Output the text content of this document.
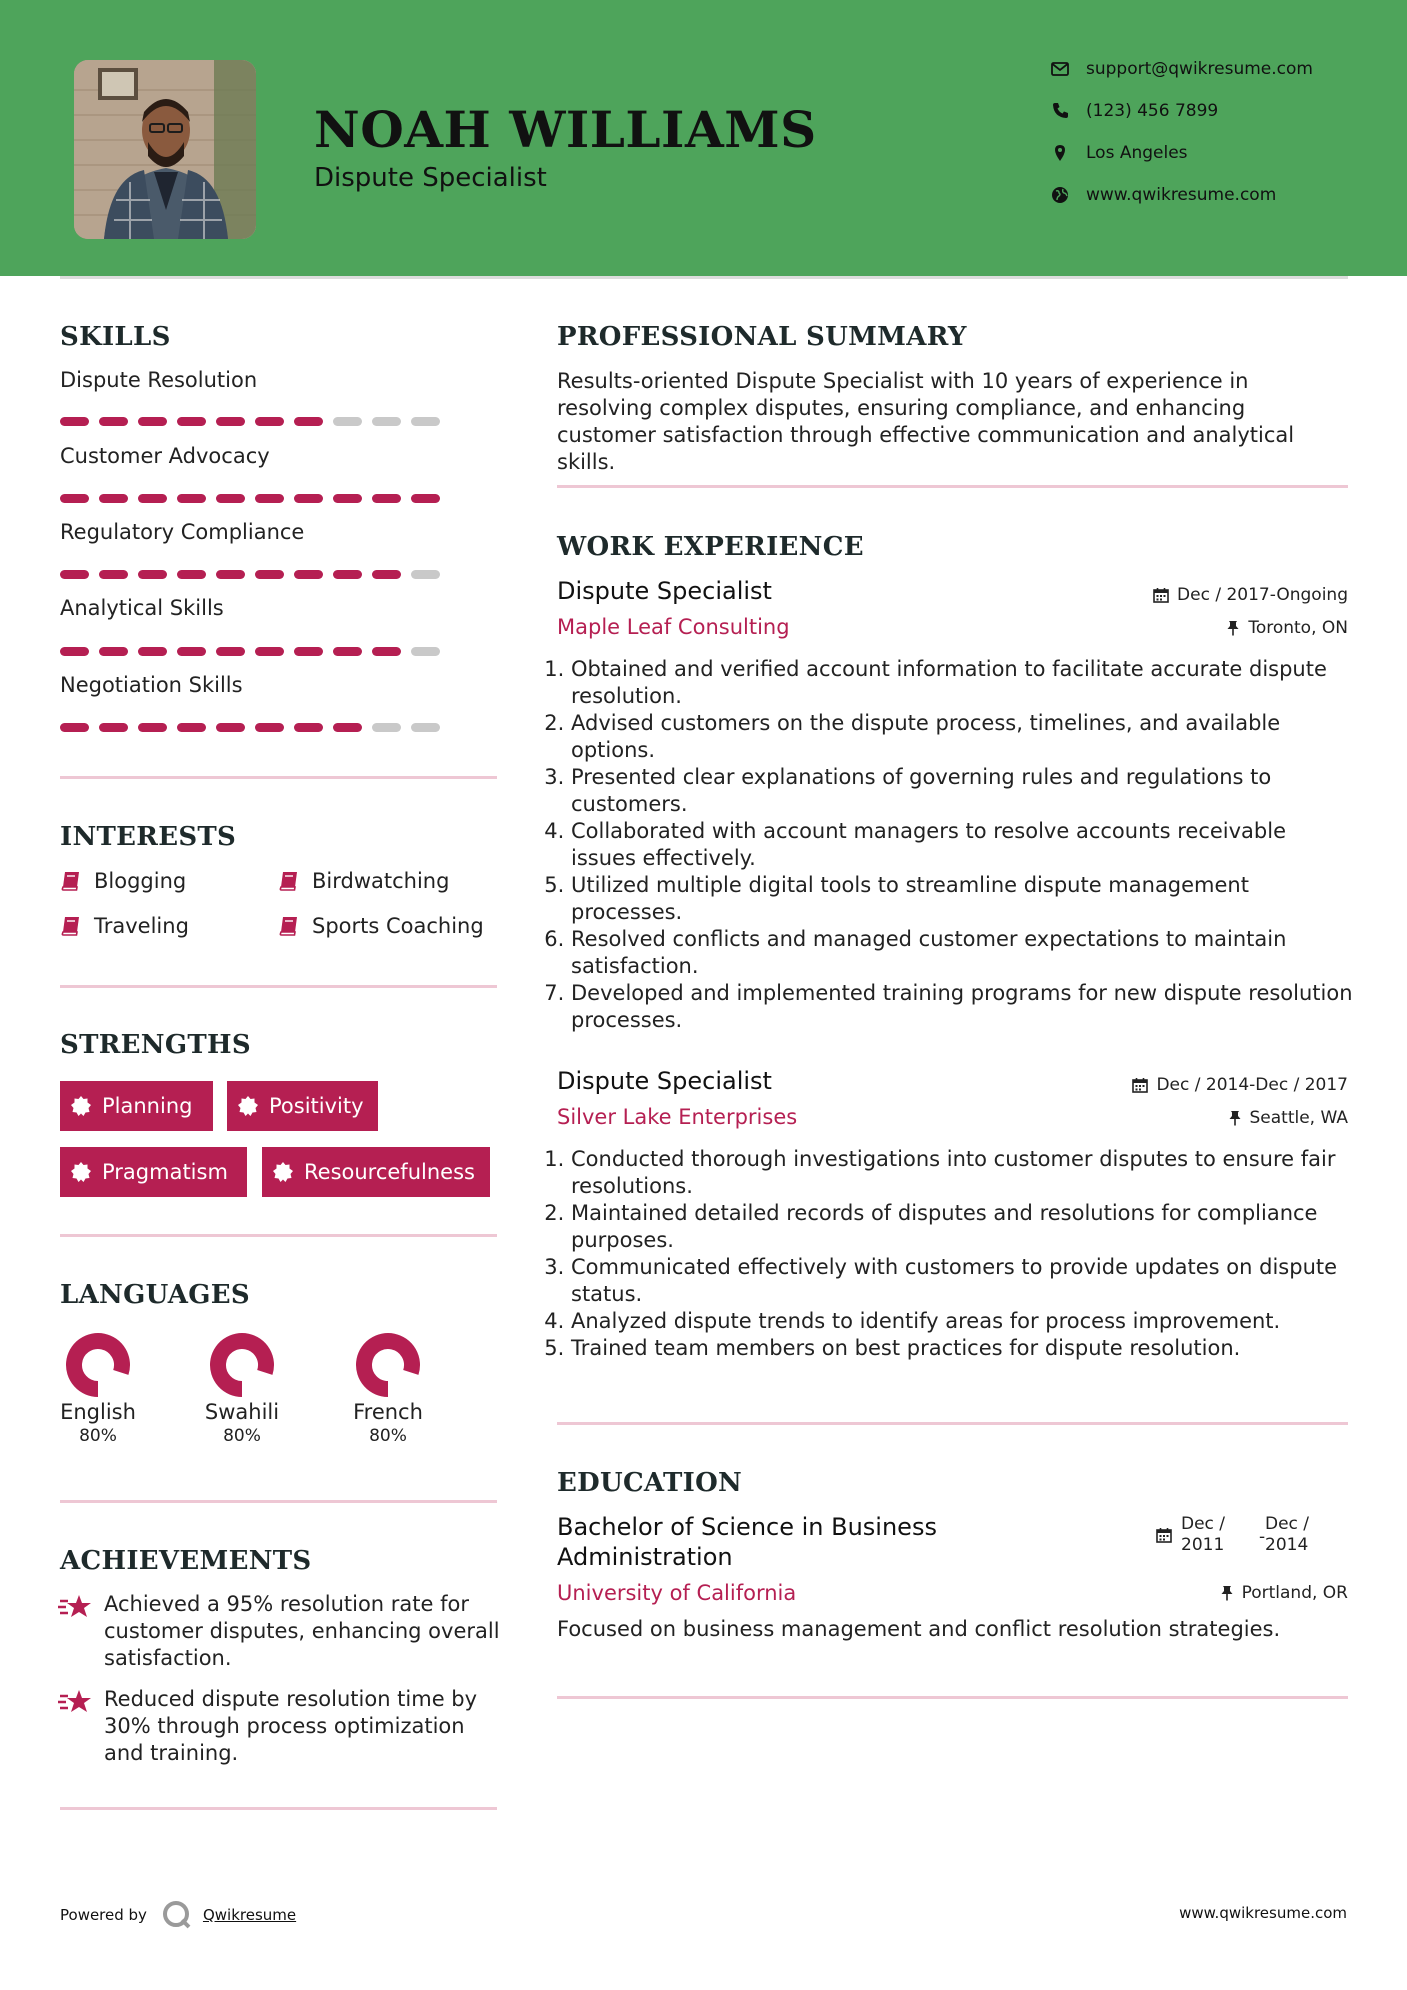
NOAH WILLIAMS
Dispute Specialist
support@qwikresume.com
(123) 456 7899
Los Angeles
www.qwikresume.com
SKILLS
Dispute Resolution
Customer Advocacy
Regulatory Compliance
Analytical Skills
Negotiation Skills
INTERESTS
Blogging	Birdwatching
Traveling	Sports Coaching
STRENGTHS
Planning	Positivity
Pragmatism	Resourcefulness
LANGUAGES
English
80%
Swahili
80%
French
80%
ACHIEVEMENTS
Achieved a 95% resolution rate for customer disputes, enhancing overall satisfaction.
Reduced dispute resolution time by 30% through process optimization and training.
PROFESSIONAL SUMMARY
Results-oriented Dispute Specialist with 10 years of experience in resolving complex disputes, ensuring compliance, and enhancing customer satisfaction through effective communication and analytical skills.
WORK EXPERIENCE
Dispute Specialist	Dec / 2017-Ongoing
Maple Leaf Consulting	Toronto, ON
1. Obtained and verified account information to facilitate accurate dispute resolution.
2. Advised customers on the dispute process, timelines, and available options.
3. Presented clear explanations of governing rules and regulations to customers.
4. Collaborated with account managers to resolve accounts receivable issues effectively.
5. Utilized multiple digital tools to streamline dispute management processes.
6. Resolved conflicts and managed customer expectations to maintain satisfaction.
7. Developed and implemented training programs for new dispute resolution processes.
Dispute Specialist	Dec / 2014-Dec / 2017
Silver Lake Enterprises	Seattle, WA
1. Conducted thorough investigations into customer disputes to ensure fair resolutions.
2. Maintained detailed records of disputes and resolutions for compliance purposes.
3. Communicated effectively with customers to provide updates on dispute status.
4. Analyzed dispute trends to identify areas for process improvement.
5. Trained team members on best practices for dispute resolution.
EDUCATION
Bachelor of Science in Business
Administration
Dec /
2011 -
Dec /
2014
University of California	Portland, OR
Focused on business management and conflict resolution strategies.
Powered by	Qwikresume	www.qwikresume.com
